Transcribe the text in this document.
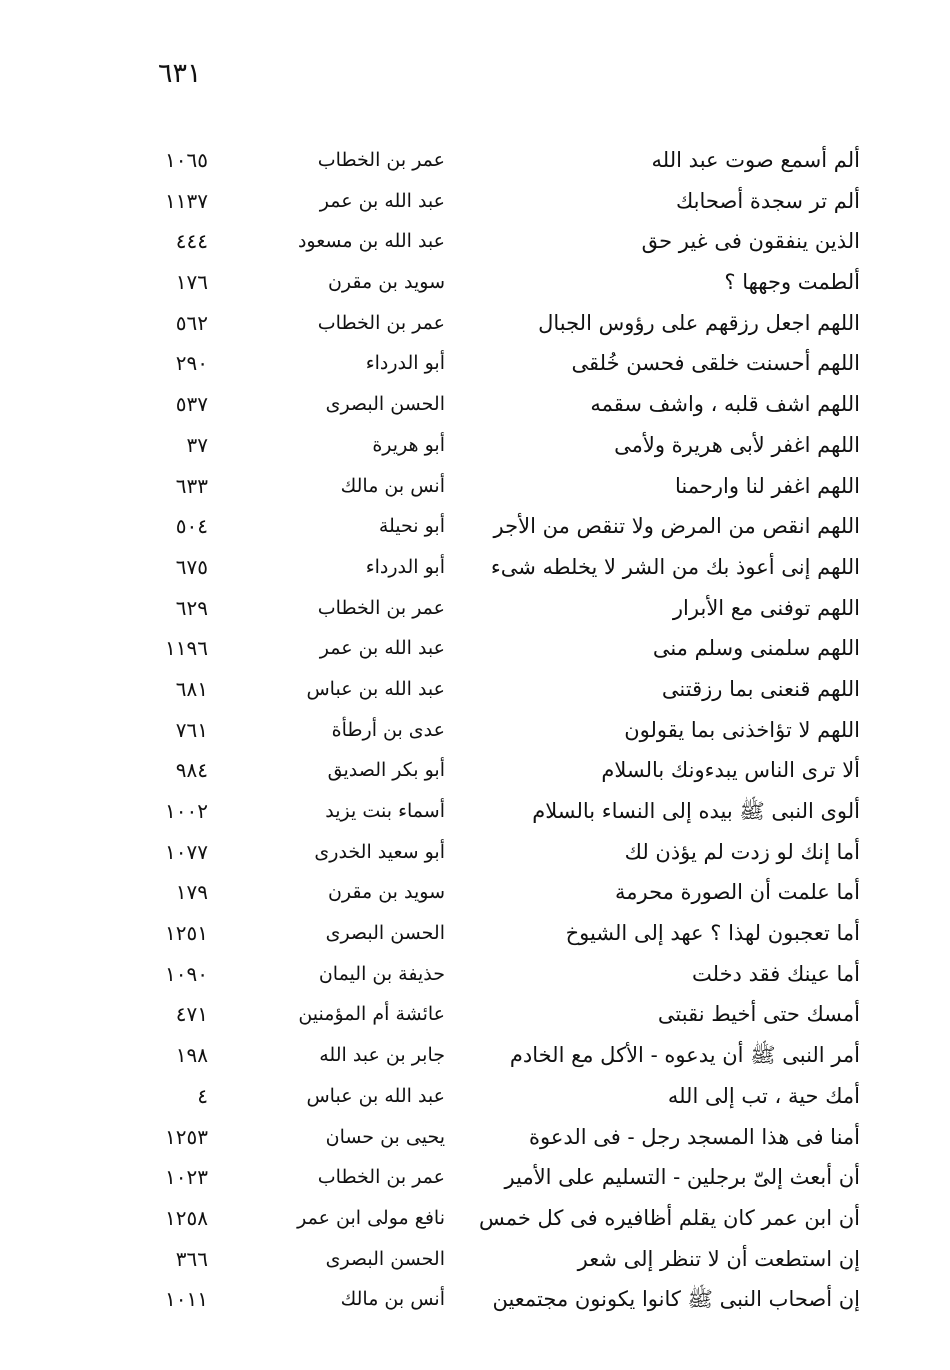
٦٣١
ألم أسمع صوت عبد الله
عمر بن الخطاب
١٠٦٥
ألم تر سجدة أصحابك
عبد الله بن عمر
١١٣٧
الذين ينفقون فى غير حق
عبد الله بن مسعود
٤٤٤
ألطمت وجهها ؟
سويد بن مقرن
١٧٦
اللهم اجعل رزقهم على رؤوس الجبال
عمر بن الخطاب
٥٦٢
اللهم أحسنت خلقى فحسن خُلقى
أبو الدرداء
٢٩٠
اللهم اشف قلبه ، واشف سقمه
الحسن البصرى
٥٣٧
اللهم اغفر لأبى هريرة ولأمى
أبو هريرة
٣٧
اللهم اغفر لنا وارحمنا
أنس بن مالك
٦٣٣
اللهم انقص من المرض ولا تنقص من الأجر
أبو نحيلة
٥٠٤
اللهم إنى أعوذ بك من الشر لا يخلطه شىء
أبو الدرداء
٦٧٥
اللهم توفنى مع الأبرار
عمر بن الخطاب
٦٢٩
اللهم سلمنى وسلم منى
عبد الله بن عمر
١١٩٦
اللهم قنعنى بما رزقتنى
عبد الله بن عباس
٦٨١
اللهم لا تؤاخذنى بما يقولون
عدى بن أرطأة
٧٦١
ألا ترى الناس يبدءونك بالسلام
أبو بكر الصديق
٩٨٤
ألوى النبى ﷺ بيده إلى النساء بالسلام
أسماء بنت يزيد
١٠٠٢
أما إنك لو زدت لم يؤذن لك
أبو سعيد الخدرى
١٠٧٧
أما علمت أن الصورة محرمة
سويد بن مقرن
١٧٩
أما تعجبون لهذا ؟ عهد إلى الشيوخ
الحسن البصرى
١٢٥١
أما عينك فقد دخلت
حذيفة بن اليمان
١٠٩٠
أمسك حتى أخيط نقبتى
عائشة أم المؤمنين
٤٧١
أمر النبى ﷺ أن يدعوه - الأكل مع الخادم
جابر بن عبد الله
١٩٨
أمك حية ، تب إلى الله
عبد الله بن عباس
٤
أمنا فى هذا المسجد رجل - فى الدعوة
يحيى بن حسان
١٢٥٣
أن أبعث إلىّ برجلين - التسليم على الأمير
عمر بن الخطاب
١٠٢٣
أن ابن عمر كان يقلم أظافيره فى كل خمس
نافع مولى ابن عمر
١٢٥٨
إن استطعت أن لا تنظر إلى شعر
الحسن البصرى
٣٦٦
إن أصحاب النبى ﷺ كانوا يكونون مجتمعين
أنس بن مالك
١٠١١
